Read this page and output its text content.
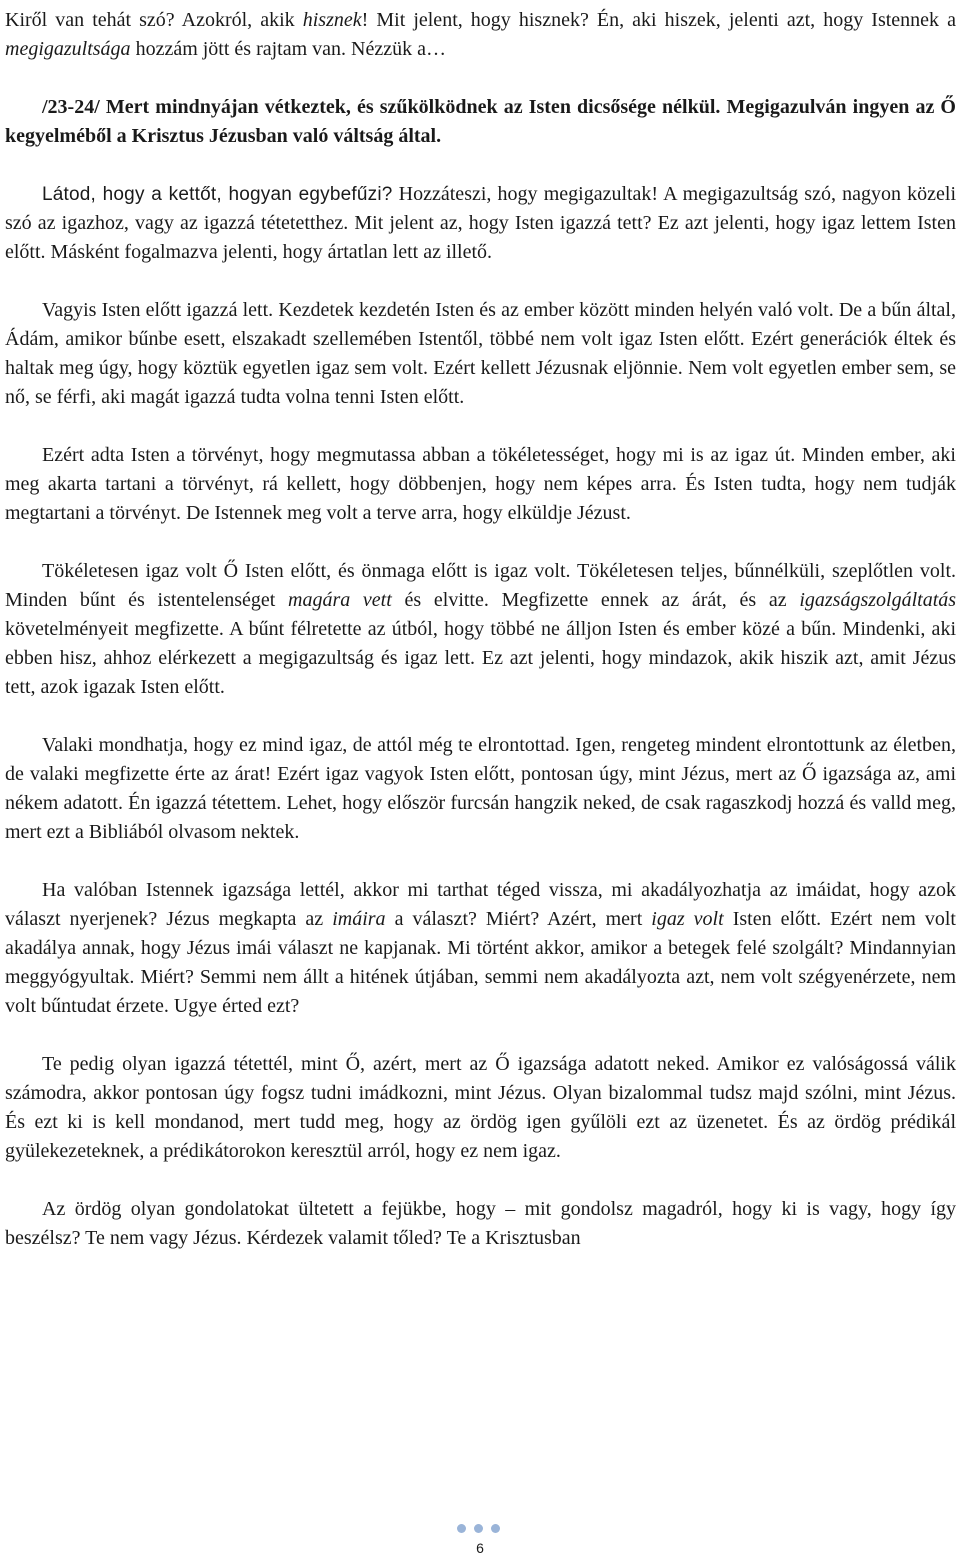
Kiről van tehát szó? Azokról, akik hisznek! Mit jelent, hogy hisznek? Én, aki hiszek, jelenti azt, hogy Istennek a megigazultsága hozzám jött és rajtam van. Nézzük a…

/23-24/ Mert mindnyájan vétkeztek, és szűkölködnek az Isten dicsősége nélkül. Megigazulván ingyen az Ő kegyelméből a Krisztus Jézusban való váltság által.

Látod, hogy a kettőt, hogyan egybefűzi? Hozzáteszi, hogy megigazultak! A megigazultság szó, nagyon közeli szó az igazhoz, vagy az igazzá tétetetthez. Mit jelent az, hogy Isten igazzá tett? Ez azt jelenti, hogy igaz lettem Isten előtt. Másként fogalmazva jelenti, hogy ártatlan lett az illető.

Vagyis Isten előtt igazzá lett. Kezdetek kezdetén Isten és az ember között minden helyén való volt. De a bűn által, Ádám, amikor bűnbe esett, elszakadt szellemében Istentől, többé nem volt igaz Isten előtt. Ezért generációk éltek és haltak meg úgy, hogy köztük egyetlen igaz sem volt. Ezért kellett Jézusnak eljönnie. Nem volt egyetlen ember sem, se nő, se férfi, aki magát igazzá tudta volna tenni Isten előtt.

Ezért adta Isten a törvényt, hogy megmutassa abban a tökéletességet, hogy mi is az igaz út. Minden ember, aki meg akarta tartani a törvényt, rá kellett, hogy döbbenjen, hogy nem képes arra. És Isten tudta, hogy nem tudják megtartani a törvényt. De Istennek meg volt a terve arra, hogy elküldje Jézust.

Tökéletesen igaz volt Ő Isten előtt, és önmaga előtt is igaz volt. Tökéletesen teljes, bűnnélküli, szeplőtlen volt. Minden bűnt és istentelenséget magára vett és elvitte. Megfizette ennek az árát, és az igazságszolgáltatás követelményeit megfizette. A bűnt félretette az útból, hogy többé ne álljon Isten és ember közé a bűn. Mindenki, aki ebben hisz, ahhoz elérkezett a megigazultság és igaz lett. Ez azt jelenti, hogy mindazok, akik hiszik azt, amit Jézus tett, azok igazak Isten előtt.

Valaki mondhatja, hogy ez mind igaz, de attól még te elrontottad. Igen, rengeteg mindent elrontottunk az életben, de valaki megfizette érte az árat! Ezért igaz vagyok Isten előtt, pontosan úgy, mint Jézus, mert az Ő igazsága az, ami nékem adatott. Én igazzá tétettem. Lehet, hogy először furcsán hangzik neked, de csak ragaszkodj hozzá és valld meg, mert ezt a Bibliából olvasom nektek.

Ha valóban Istennek igazsága lettél, akkor mi tarthat téged vissza, mi akadályozhatja az imáidat, hogy azok választ nyerjenek? Jézus megkapta az imáira a választ? Miért? Azért, mert igaz volt Isten előtt. Ezért nem volt akadálya annak, hogy Jézus imái választ ne kapjanak. Mi történt akkor, amikor a betegek felé szolgált? Mindannyian meggyógyultak. Miért? Semmi nem állt a hitének útjában, semmi nem akadályozta azt, nem volt szégyenérzete, nem volt bűntudat érzete. Ugye érted ezt?

Te pedig olyan igazzá tétettél, mint Ő, azért, mert az Ő igazsága adatott neked. Amikor ez valóságossá válik számodra, akkor pontosan úgy fogsz tudni imádkozni, mint Jézus. Olyan bizalommal tudsz majd szólni, mint Jézus. És ezt ki is kell mondanod, mert tudd meg, hogy az ördög igen gyűlöli ezt az üzenetet. És az ördög prédikál gyülekezeteknek, a prédikátorokon keresztül arról, hogy ez nem igaz.

Az ördög olyan gondolatokat ültetett a fejükbe, hogy – mit gondolsz magadról, hogy ki is vagy, hogy így beszélsz? Te nem vagy Jézus. Kérdezek valamit tőled? Te a Krisztusban

6
